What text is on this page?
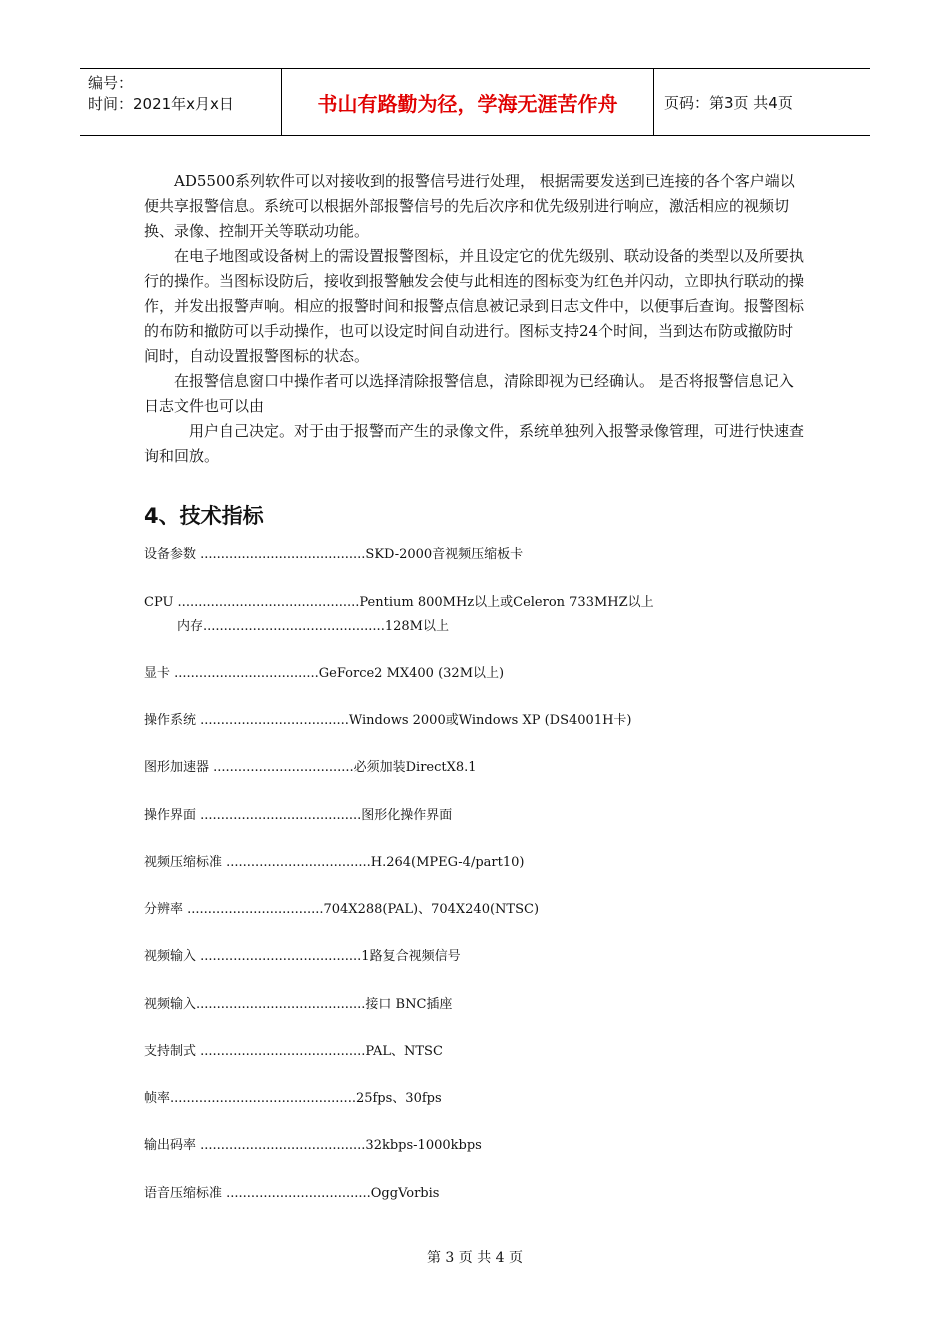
编号：
时间：2021年x月x日	书山有路勤为径，学海无涯苦作舟	页码：第3页 共4页

AD5500系列软件可以对接收到的报警信号进行处理， 根据需要发送到已连接的各个客户端以便共享报警信息。系统可以根据外部报警信号的先后次序和优先级别进行响应，激活相应的视频切换、录像、控制开关等联动功能。

在电子地图或设备树上的需设置报警图标，并且设定它的优先级别、联动设备的类型以及所要执行的操作。当图标设防后，接收到报警触发会使与此相连的图标变为红色并闪动，立即执行联动的操作，并发出报警声响。相应的报警时间和报警点信息被记录到日志文件中，以便事后查询。报警图标的布防和撤防可以手动操作，也可以设定时间自动进行。图标支持24个时间，当到达布防或撤防时间时，自动设置报警图标的状态。

在报警信息窗口中操作者可以选择清除报警信息，清除即视为已经确认。 是否将报警信息记入日志文件也可以由

用户自己决定。对于由于报警而产生的录像文件，系统单独列入报警录像管理，可进行快速查询和回放。

4、技术指标
设备参数 ........................................SKD-2000音视频压缩板卡
CPU ............................................Pentium 800MHz以上或Celeron 733MHZ以上
内存............................................128M以上
显卡 ...................................GeForce2 MX400 (32M以上)
操作系统 ....................................Windows 2000或Windows XP (DS4001H卡)
图形加速器 ..................................必须加装DirectX8.1
操作界面 .......................................图形化操作界面
视频压缩标准 ...................................H.264(MPEG-4/part10)
分辨率 .................................704X288(PAL)、704X240(NTSC)
视频输入 .......................................1路复合视频信号
视频输入.........................................接口 BNC插座
支持制式 ........................................PAL、NTSC
帧率.............................................25fps、30fps
输出码率 ........................................32kbps-1000kbps
语音压缩标准 ...................................OggVorbis
第 3 页 共 4 页
